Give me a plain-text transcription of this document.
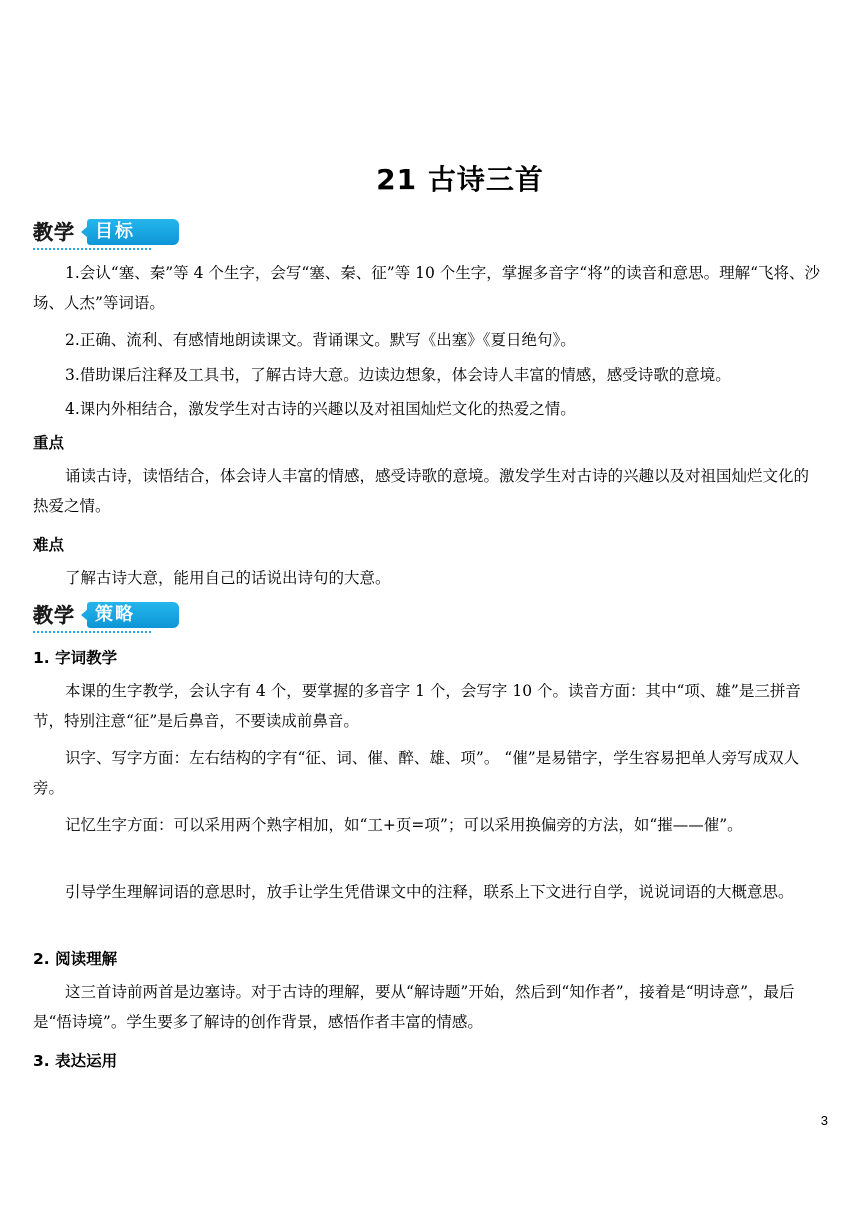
21 古诗三首
教学 目标
1.会认“塞、秦”等 4 个生字，会写“塞、秦、征”等 10 个生字，掌握多音字“将”的读音和意思。理解“飞将、沙场、人杰”等词语。
2.正确、流利、有感情地朗读课文。背诵课文。默写《出塞》《夏日绝句》。
3.借助课后注释及工具书，了解古诗大意。边读边想象，体会诗人丰富的情感，感受诗歌的意境。
4.课内外相结合，激发学生对古诗的兴趣以及对祖国灿烂文化的热爱之情。
重点
诵读古诗，读悟结合，体会诗人丰富的情感，感受诗歌的意境。激发学生对古诗的兴趣以及对祖国灿烂文化的热爱之情。
难点
了解古诗大意，能用自己的话说出诗句的大意。
教学 策略
1. 字词教学
本课的生字教学，会认字有 4 个，要掌握的多音字 1 个，会写字 10 个。读音方面：其中“项、雄”是三拼音节，特别注意“征”是后鼻音，不要读成前鼻音。
识字、写字方面：左右结构的字有“征、词、催、醉、雄、项”。 “催”是易错字，学生容易把单人旁写成双人旁。
记忆生字方面：可以采用两个熟字相加，如“工+页=项”；可以采用换偏旁的方法，如“摧——催”。
引导学生理解词语的意思时，放手让学生凭借课文中的注释，联系上下文进行自学，说说词语的大概意思。
2. 阅读理解
这三首诗前两首是边塞诗。对于古诗的理解，要从“解诗题”开始，然后到“知作者”，接着是“明诗意”，最后是“悟诗境”。学生要多了解诗的创作背景，感悟作者丰富的情感。
3. 表达运用
3
